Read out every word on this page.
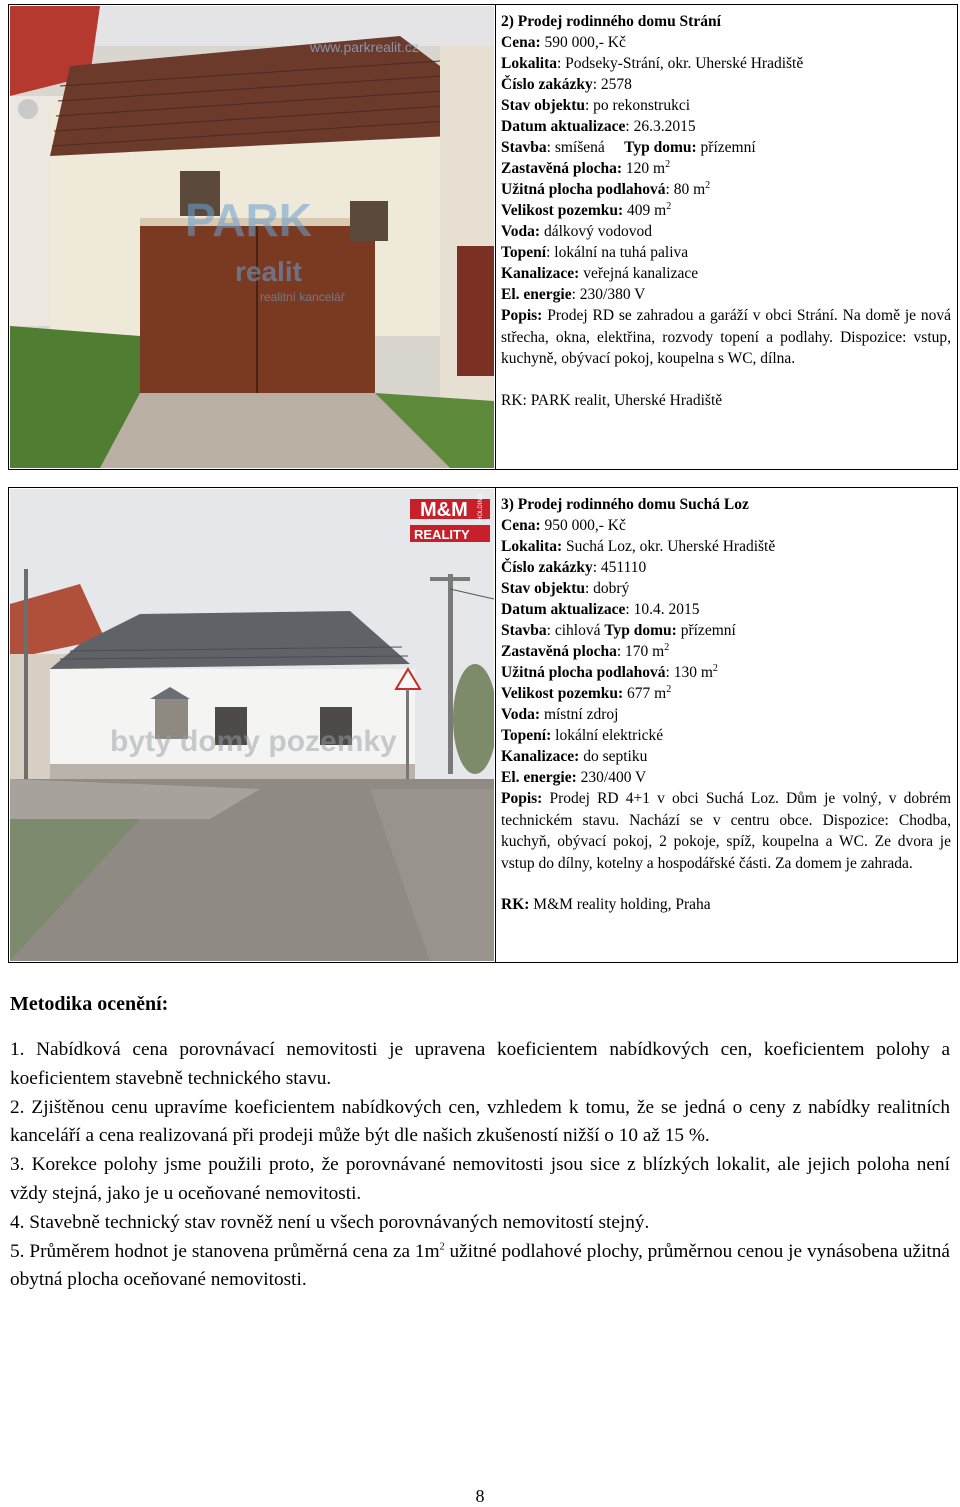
PARK
realit
realitní kancelář
www.parkrealit.cz
2) Prodej rodinného domu Strání
Cena: 590 000,- Kč
Lokalita: Podseky-Strání, okr. Uherské Hradiště
Číslo zakázky: 2578
Stav objektu: po rekonstrukci
Datum aktualizace: 26.3.2015
Stavba: smíšená Typ domu: přízemní
Zastavěná plocha: 120 $m^2$
Užitná plocha podlahová: 80 $m^2$
Velikost pozemku: 409 $m^2$
Voda: dálkový vodovod
Topení: lokální na tuhá paliva
Kanalizace: veřejná kanalizace
El. energie: 230/380 V
Popis: Prodej RD se zahradou a garáží v obci Strání. Na domě je nová střecha, okna, elektřina, rozvody topení a podlahy. Dispozice: vstup, kuchyně, obývací pokoj, koupelna s WC, dílna.
RK: PARK realit, Uherské Hradiště
M&M HOLDING
REALITY
byty domy pozemky
3) Prodej rodinného domu Suchá Loz
Cena: 950 000,- Kč
Lokalita: Suchá Loz, okr. Uherské Hradiště
Číslo zakázky: 451110
Stav objektu: dobrý
Datum aktualizace: 10.4. 2015
Stavba: cihlová Typ domu: přízemní
Zastavěná plocha: 170 $m^2$
Užitná plocha podlahová: 130 $m^2$
Velikost pozemku: 677 $m^2$
Voda: místní zdroj
Topení: lokální elektrické
Kanalizace: do septiku
El. energie: 230/400 V
Popis: Prodej RD 4+1 v obci Suchá Loz. Dům je volný, v dobrém technickém stavu. Nachází se v centru obce. Dispozice: Chodba, kuchyň, obývací pokoj, 2 pokoje, spíž, koupelna a WC. Ze dvora je vstup do dílny, kotelny a hospodářské části. Za domem je zahrada.
RK: M&M reality holding, Praha
Metodika ocenění:

1. Nabídková cena porovnávací nemovitosti je upravena koeficientem nabídkových cen, koeficientem polohy a koeficientem stavebně technického stavu.

2. Zjištěnou cenu upravíme koeficientem nabídkových cen, vzhledem k tomu, že se jedná o ceny z nabídky realitních kanceláří a cena realizovaná při prodeji může být dle našich zkušeností nižší o 10 až 15 %.

3. Korekce polohy jsme použili proto, že porovnávané nemovitosti jsou sice z blízkých lokalit, ale jejich poloha není vždy stejná, jako je u oceňované nemovitosti.

4. Stavebně technický stav rovněž není u všech porovnávaných nemovitostí stejný.

5. Průměrem hodnot je stanovena průměrná cena za $1m^2$ užitné podlahové plochy, průměrnou cenou je vynásobena užitná obytná plocha oceňované nemovitosti.

8
